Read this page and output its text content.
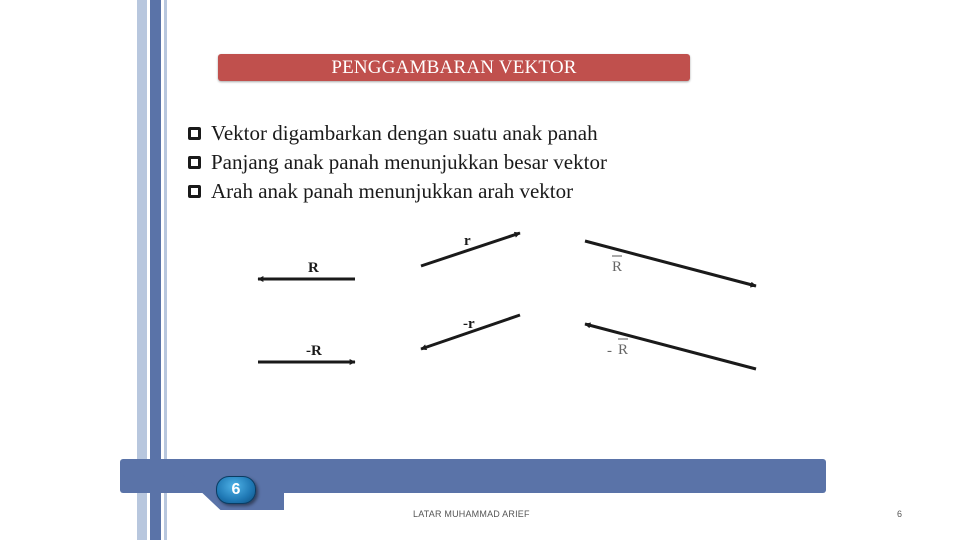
PENGGAMBARAN VEKTOR
Vektor digambarkan dengan suatu anak panah
Panjang anak panah menunjukkan besar vektor
Arah anak panah menunjukkan arah vektor
R
-R
r
-r
R
- R
6
LATAR MUHAMMAD ARIEF	6
